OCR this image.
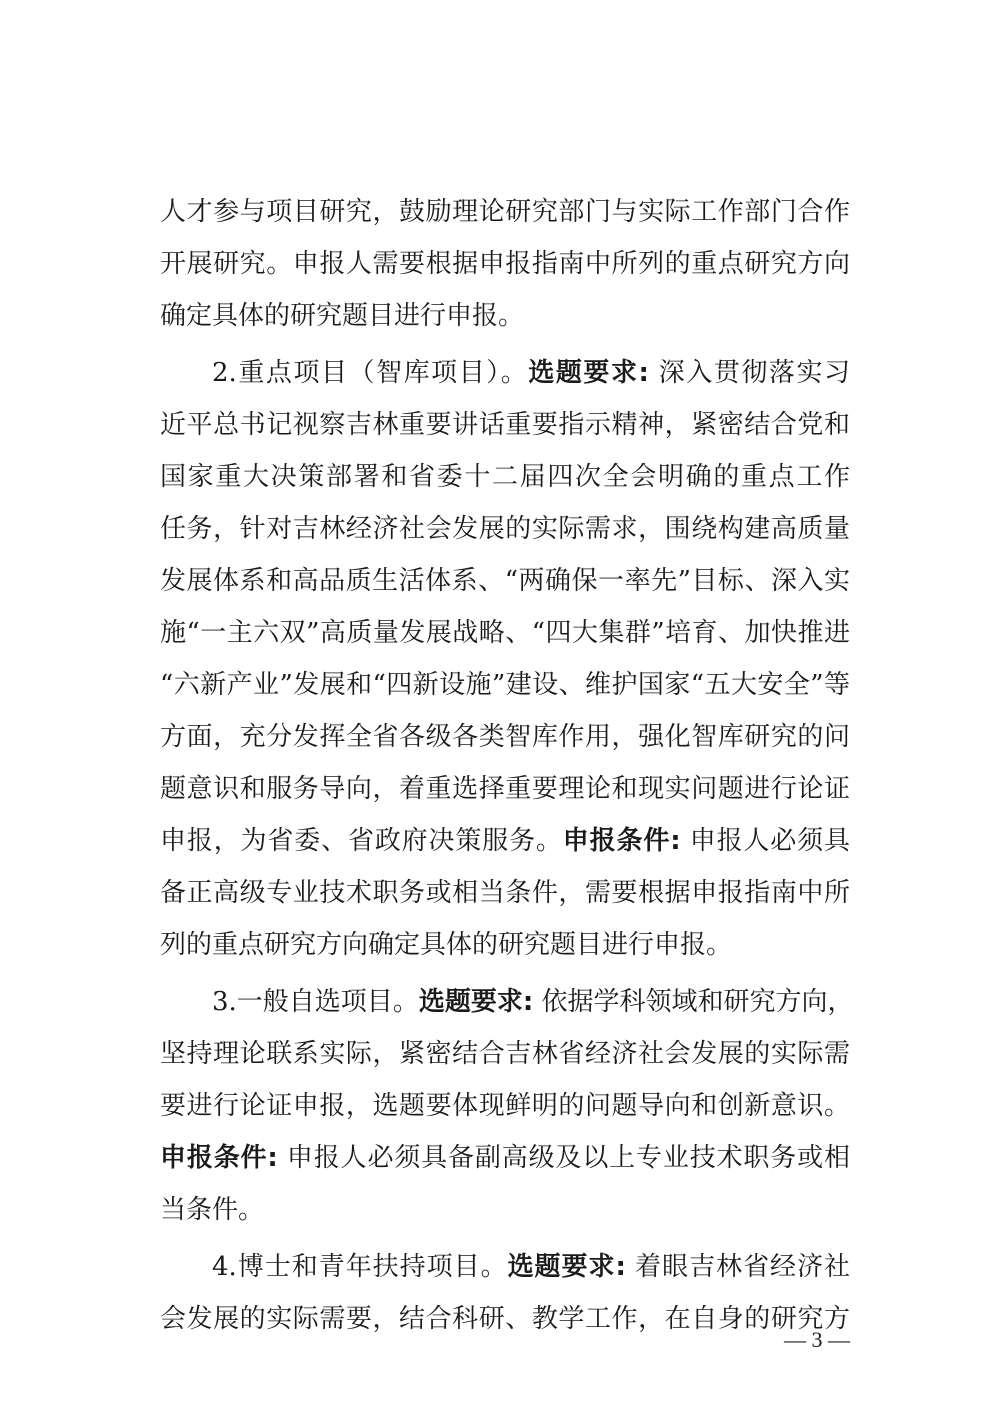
人才参与项目研究，鼓励理论研究部门与实际工作部门合作
开展研究。申报人需要根据申报指南中所列的重点研究方向
确定具体的研究题目进行申报。
2.重点项目（智库项目）。选题要求: 深入贯彻落实习
近平总书记视察吉林重要讲话重要指示精神，紧密结合党和
国家重大决策部署和省委十二届四次全会明确的重点工作
任务，针对吉林经济社会发展的实际需求，围绕构建高质量
发展体系和高品质生活体系、“两确保一率先”目标、深入实
施“一主六双”高质量发展战略、“四大集群”培育、加快推进
“六新产业”发展和“四新设施”建设、维护国家“五大安全”等
方面，充分发挥全省各级各类智库作用，强化智库研究的问
题意识和服务导向，着重选择重要理论和现实问题进行论证
申报，为省委、省政府决策服务。申报条件: 申报人必须具
备正高级专业技术职务或相当条件，需要根据申报指南中所
列的重点研究方向确定具体的研究题目进行申报。
3.一般自选项目。选题要求: 依据学科领域和研究方向，
坚持理论联系实际，紧密结合吉林省经济社会发展的实际需
要进行论证申报，选题要体现鲜明的问题导向和创新意识。
申报条件: 申报人必须具备副高级及以上专业技术职务或相
当条件。
4.博士和青年扶持项目。选题要求: 着眼吉林省经济社
会发展的实际需要，结合科研、教学工作，在自身的研究方
— 3 —
